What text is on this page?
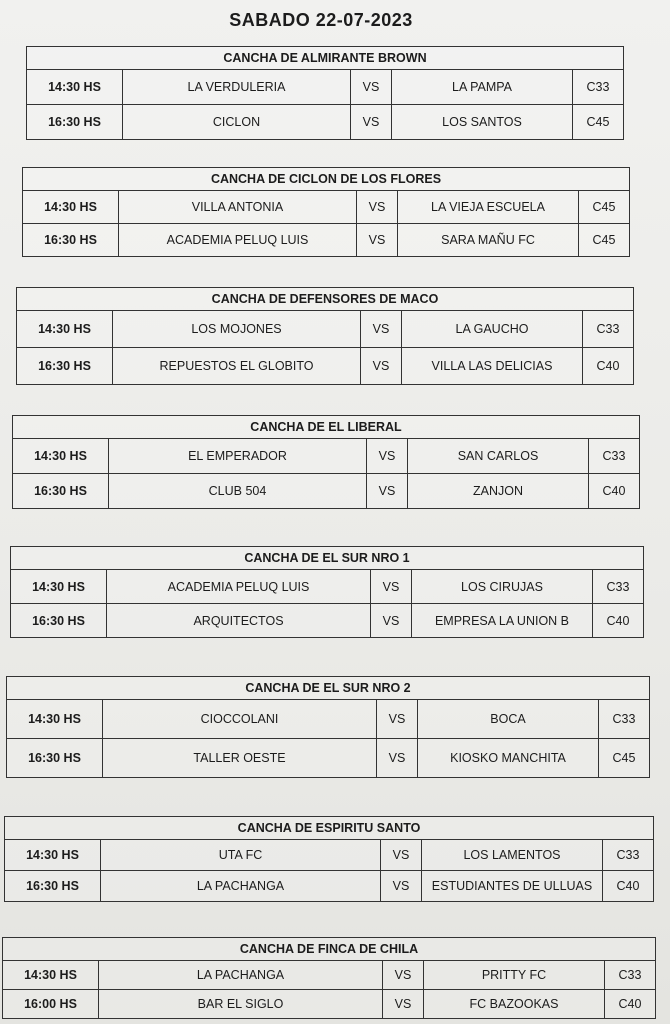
SABADO 22-07-2023
CANCHA DE ALMIRANTE BROWN
14:30 HS	LA VERDULERIA	VS	LA PAMPA	C33
16:30 HS	CICLON	VS	LOS SANTOS	C45
CANCHA DE CICLON DE LOS FLORES
14:30 HS	VILLA ANTONIA	VS	LA VIEJA ESCUELA	C45
16:30 HS	ACADEMIA PELUQ LUIS	VS	SARA MAÑU FC	C45
CANCHA DE DEFENSORES DE MACO
14:30 HS	LOS MOJONES	VS	LA GAUCHO	C33
16:30 HS	REPUESTOS EL GLOBITO	VS	VILLA LAS DELICIAS	C40
CANCHA DE EL LIBERAL
14:30 HS	EL EMPERADOR	VS	SAN CARLOS	C33
16:30 HS	CLUB 504	VS	ZANJON	C40
CANCHA DE EL SUR NRO 1
14:30 HS	ACADEMIA PELUQ LUIS	VS	LOS CIRUJAS	C33
16:30 HS	ARQUITECTOS	VS	EMPRESA LA UNION B	C40
CANCHA DE EL SUR NRO 2
14:30 HS	CIOCCOLANI	VS	BOCA	C33
16:30 HS	TALLER OESTE	VS	KIOSKO MANCHITA	C45
CANCHA DE ESPIRITU SANTO
14:30 HS	UTA FC	VS	LOS LAMENTOS	C33
16:30 HS	LA PACHANGA	VS	ESTUDIANTES DE ULLUAS	C40
CANCHA DE FINCA DE CHILA
14:30 HS	LA PACHANGA	VS	PRITTY FC	C33
16:00 HS	BAR EL SIGLO	VS	FC BAZOOKAS	C40
